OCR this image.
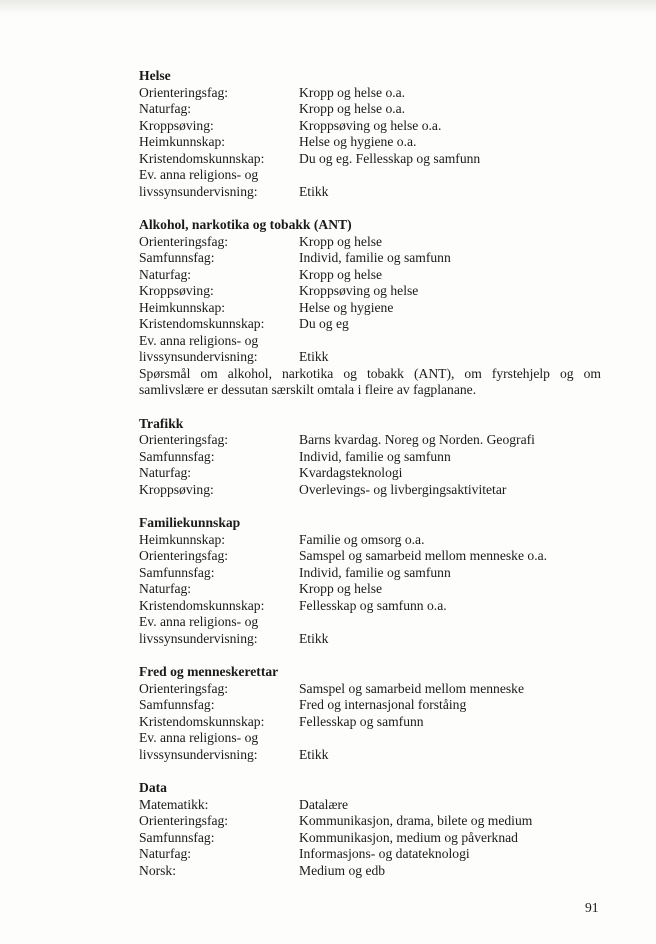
Helse
Orienteringsfag:	Kropp og helse o.a.
Naturfag:	Kropp og helse o.a.
Kroppsøving:	Kroppsøving og helse o.a.
Heimkunnskap:	Helse og hygiene o.a.
Kristendomskunnskap:	Du og eg. Fellesskap og samfunn
Ev. anna religions- og
livssynsundervisning:	Etikk
Alkohol, narkotika og tobakk (ANT)
Orienteringsfag:	Kropp og helse
Samfunnsfag:	Individ, familie og samfunn
Naturfag:	Kropp og helse
Kroppsøving:	Kroppsøving og helse
Heimkunnskap:	Helse og hygiene
Kristendomskunnskap:	Du og eg
Ev. anna religions- og
livssynsundervisning:	Etikk
Spørsmål om alkohol, narkotika og tobakk (ANT), om fyrstehjelp og om
samlivslære er dessutan særskilt omtala i fleire av fagplanane.
Trafikk
Orienteringsfag:	Barns kvardag. Noreg og Norden. Geografi
Samfunnsfag:	Individ, familie og samfunn
Naturfag:	Kvardagsteknologi
Kroppsøving:	Overlevings- og livbergingsaktivitetar
Familiekunnskap
Heimkunnskap:	Familie og omsorg o.a.
Orienteringsfag:	Samspel og samarbeid mellom menneske o.a.
Samfunnsfag:	Individ, familie og samfunn
Naturfag:	Kropp og helse
Kristendomskunnskap:	Fellesskap og samfunn o.a.
Ev. anna religions- og
livssynsundervisning:	Etikk
Fred og menneskerettar
Orienteringsfag:	Samspel og samarbeid mellom menneske
Samfunnsfag:	Fred og internasjonal forståing
Kristendomskunnskap:	Fellesskap og samfunn
Ev. anna religions- og
livssynsundervisning:	Etikk
Data
Matematikk:	Datalære
Orienteringsfag:	Kommunikasjon, drama, bilete og medium
Samfunnsfag:	Kommunikasjon, medium og påverknad
Naturfag:	Informasjons- og datateknologi
Norsk:	Medium og edb
91
